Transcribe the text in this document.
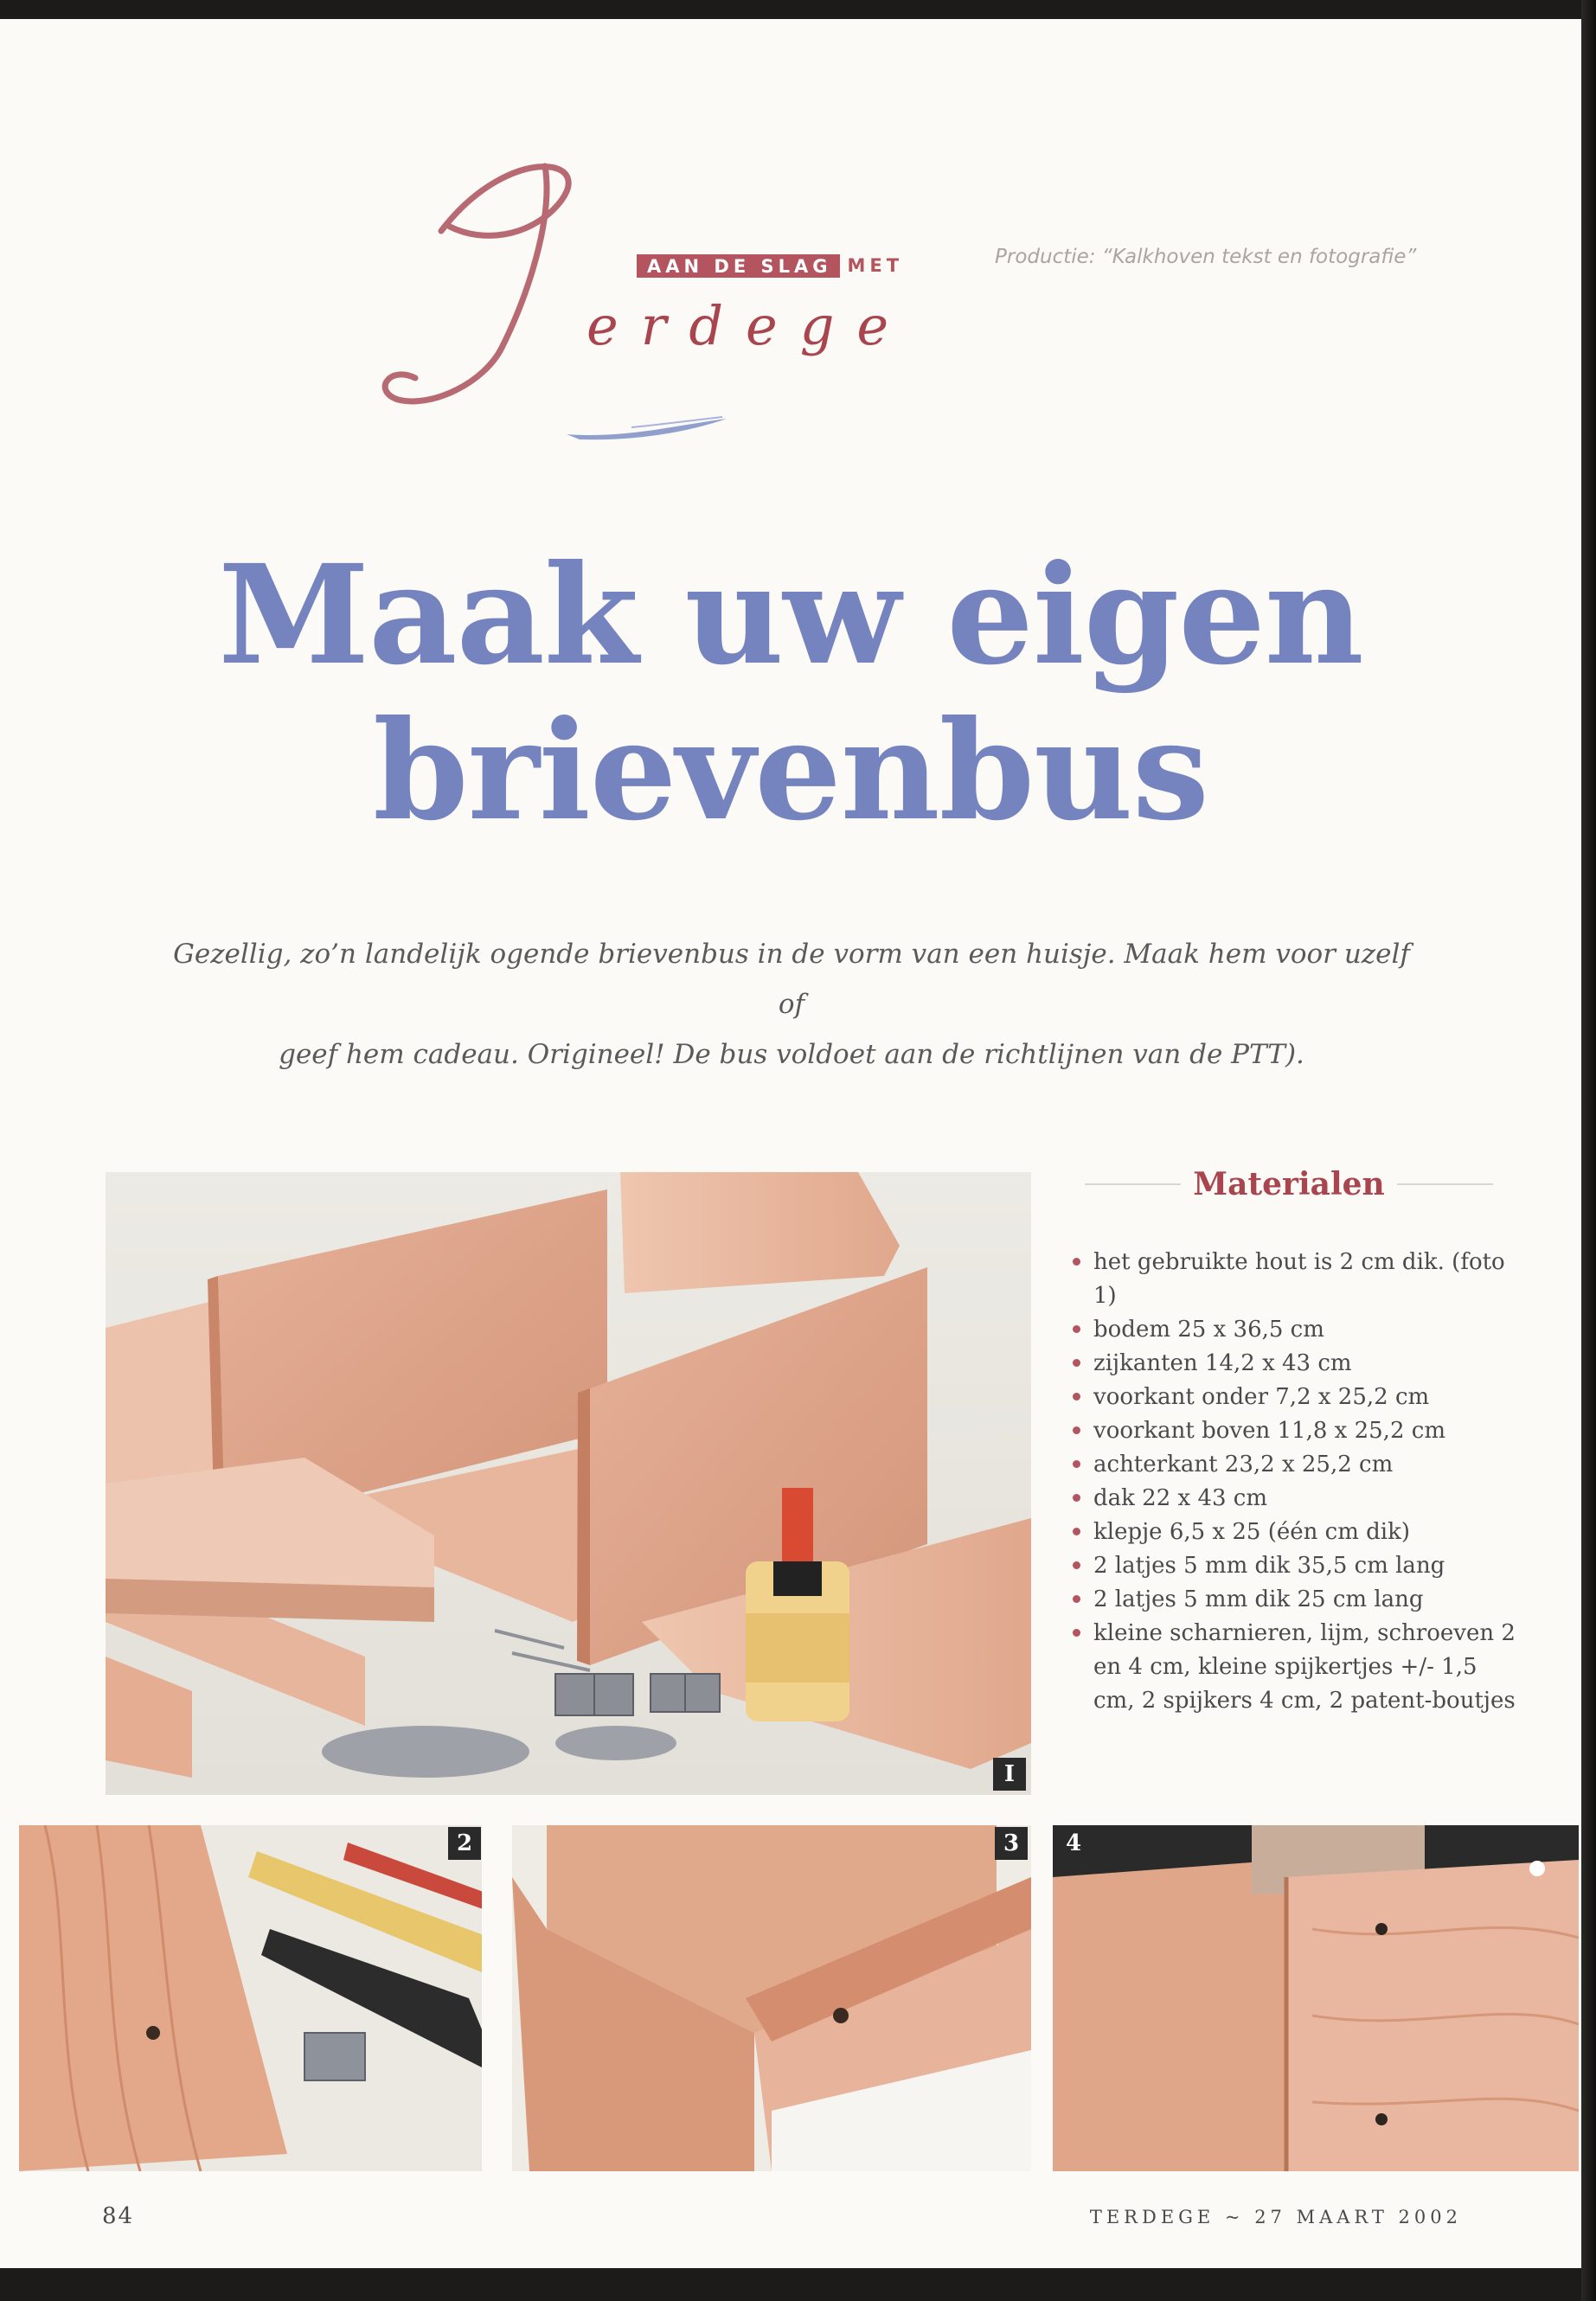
AAN DE SLAG MET
erdege
Productie: “Kalkhoven tekst en fotografie”
Maak uw eigen
brievenbus
Gezellig, zo’n landelijk ogende brievenbus in de vorm van een huisje. Maak hem voor uzelf of
geef hem cadeau. Origineel! De bus voldoet aan de richtlijnen van de PTT).
I
Materialen
het gebruikte hout is 2 cm dik. (foto 1)
bodem 25 x 36,5 cm
zijkanten 14,2 x 43 cm
voorkant onder 7,2 x 25,2 cm
voorkant boven 11,8 x 25,2 cm
achterkant 23,2 x 25,2 cm
dak 22 x 43 cm
klepje 6,5 x 25 (één cm dik)
2 latjes 5 mm dik 35,5 cm lang
2 latjes 5 mm dik 25 cm lang
kleine scharnieren, lijm, schroeven 2 en 4 cm, kleine spijkertjes +/- 1,5 cm, 2 spijkers 4 cm, 2 patent-boutjes
2	3	4
84	TERDEGE ~ 27 MAART 2002
